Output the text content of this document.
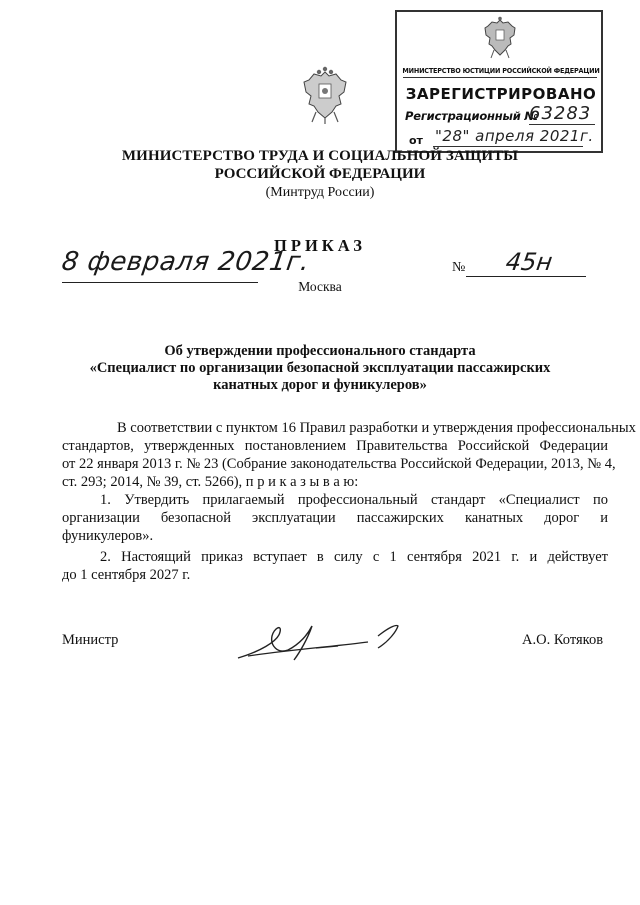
МИНИСТЕРСТВО ЮСТИЦИИ РОССИЙСКОЙ ФЕДЕРАЦИИ
ЗАРЕГИСТРИРОВАНО
Регистрационный №
63283
от "28" апреля 2021г.
МИНИСТЕРСТВО ТРУДА И СОЦИАЛЬНОЙ ЗАЩИТЫ
РОССИЙСКОЙ ФЕДЕРАЦИИ
(Минтруд России)
ПРИКАЗ
8 февраля 2021г.	№ 45н
Москва
Об утверждении профессионального стандарта
«Специалист по организации безопасной эксплуатации пассажирских
канатных дорог и фуникулеров»
В соответствии с пунктом 16 Правил разработки и утверждения профессиональных
стандартов, утвержденных постановлением Правительства Российской Федерации
от 22 января 2013 г. № 23 (Собрание законодательства Российской Федерации, 2013, № 4,
ст. 293; 2014, № 39, ст. 5266), п р и к а з ы в а ю:
1. Утвердить прилагаемый профессиональный стандарт «Специалист по
организации безопасной эксплуатации пассажирских канатных дорог и
фуникулеров».
2. Настоящий приказ вступает в силу с 1 сентября 2021 г. и действует
до 1 сентября 2027 г.
Министр	А.О. Котяков
